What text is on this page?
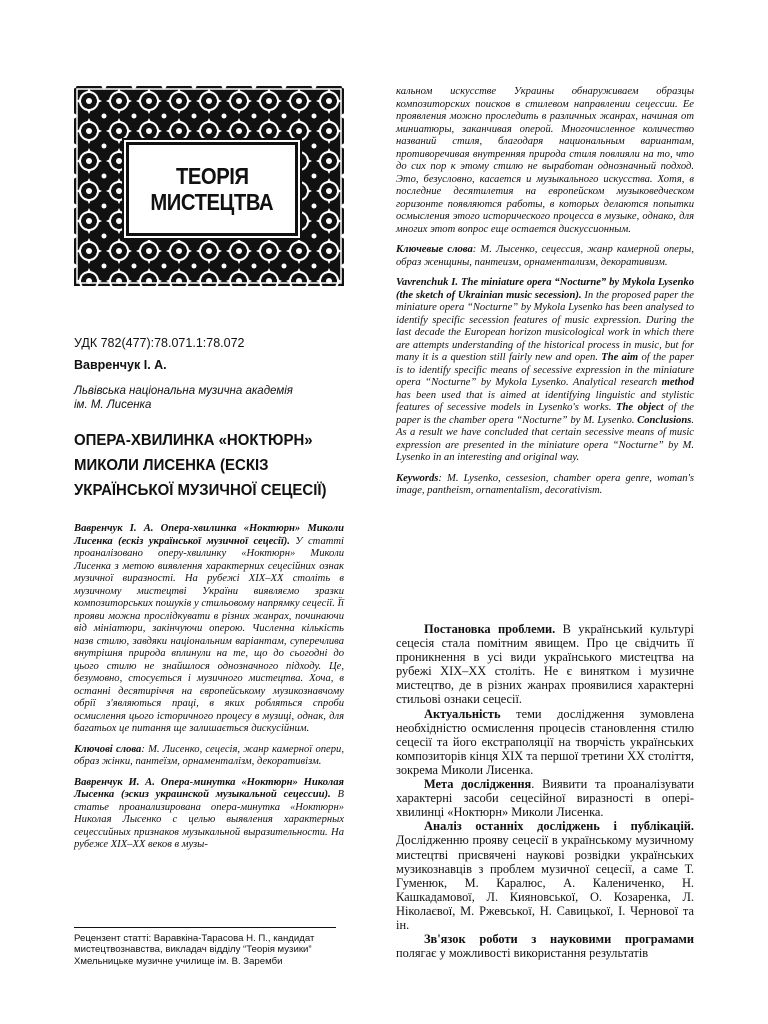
ТЕОРІЯ
МИСТЕЦТВА
УДК 782(477):78.071.1:78.072
Вавренчук І. А.
Львівська національна музична академія
ім. М. Лисенка
ОПЕРА-ХВИЛИНКА «НОКТЮРН»
МИКОЛИ ЛИСЕНКА (ЕСКІЗ
УКРАЇНСЬКОЇ МУЗИЧНОЇ СЕЦЕСІЇ)

Вавренчук І. А. Опера-хвилинка «Ноктюрн» Миколи Лисенка (ескіз української музичної сецесії). У статті проаналізовано оперу-хвилинку «Ноктюрн» Миколи Лисенка з метою виявлення характерних сецесійних ознак музичної виразності. На рубежі XIX–XX століть в музичному мистецтві України виявляємо зразки композиторських пошуків у стильовому напрямку сецесії. Її прояви можна прослідкувати в різних жанрах, починаючи від мініатюри, закінчуючи оперою. Численна кількість назв стилю, завдяки національним варіантам, суперечлива внутрішня природа вплинули на те, що до сьогодні до цього стилю не знайшлося однозначного підходу. Це, безумовно, стосується і музичного мистецтва. Хоча, в останні десятиріччя на європейському музикознавчому обрії з'являються праці, в яких робляться спроби осмислення цього історичного процесу в музиці, однак, для багатьох це питання ще залишається дискусійним.

Ключові слова: М. Лисенко, сецесія, жанр камерної опери, образ жінки, пантеїзм, орнаменталізм, декоративізм.

Вавренчук И. А. Опера-минутка «Ноктюрн» Николая Лысенка (эскиз украинской музыкальной сецессии). В статье проанализирована опера-минутка «Ноктюрн» Николая Лысенко с целью выявления характерных сецессийных признаков музыкальной выразительности. На рубеже XIX–XX веков в музы-

кальном искусстве Украины обнаруживаем образцы композиторских поисков в стилевом направлении сецессии. Ее проявления можно проследить в различных жанрах, начиная от миниатюры, заканчивая оперой. Многочисленное количество названий стиля, благодаря национальным вариантам, противоречивая внутренняя природа стиля повлияли на то, что до сих пор к этому стилю не выработан однозначный подход. Это, безусловно, касается и музыкального искусства. Хотя, в последние десятилетия на европейском музыковедческом горизонте появляются работы, в которых делаются попытки осмысления этого исторического процесса в музыке, однако, для многих этот вопрос еще остается дискуссионным.

Ключевые слова: М. Лысенко, сецессия, жанр камерной оперы, образ женщины, пантеизм, орнаментализм, декоративизм.

Vavrenchuk I. The miniature opera “Nocturne” by Mykola Lysenko (the sketch of Ukrainian music secession). In the proposed paper the miniature opera “Nocturne” by Mykola Lysenko has been analysed to identify specific secession features of music expression. During the last decade the European horizon musicological work in which there are attempts understanding of the historical process in music, but for many it is a question still fairly new and open. The aim of the paper is to identify specific means of secessive expression in the miniature opera “Nocturne” by Mykola Lysenko. Analytical research method has been used that is aimed at identifying linguistic and stylistic features of secessive models in Lysenko's works. The object of the paper is the chamber opera “Nocturne” by M. Lysenko. Conclusions. As a result we have concluded that certain secessive means of music expression are presented in the miniature opera “Nocturne” by M. Lysenko in an interesting and original way.

Keywords: M. Lysenko, cessesion, chamber opera genre, woman's image, pantheism, ornamentalism, decorativism.

Постановка проблеми. В український культурі сецесія стала помітним явищем. Про це свідчить її проникнення в усі види українського мистецтва на рубежі XIX–XX століть. Не є винятком і музичне мистецтво, де в різних жанрах проявилися характерні стильові ознаки сецесії.

Актуальність теми дослідження зумовлена необхідністю осмислення процесів становлення стилю сецесії та його екстраполяції на творчість українських композиторів кінця XIX та першої третини XX століття, зокрема Миколи Лисенка.

Мета дослідження. Виявити та проаналізувати характерні засоби сецесійної виразності в опері-хвилинці «Ноктюрн» Миколи Лисенка.

Аналіз останніх досліджень і публікацій. Дослідженню прояву сецесії в українському музичному мистецтві присвячені наукові розвідки українських музикознавців з проблем музичної сецесії, а саме Т. Гуменюк, М. Каралюс, А. Калениченко, Н. Кашкадамової, Л. Кияновської, О. Козаренка, Л. Ніколаєвої, М. Ржевської, Н. Савицької, І. Чернової та ін.

Зв'язок роботи з науковими програмами полягає у можливості використання результатів

Рецензент статті: Варавкіна-Тарасова Н. П., кандидат мистецтвознавства, викладач відділу “Теорія музики” Хмельницьке музичне училище ім. В. Заремби
